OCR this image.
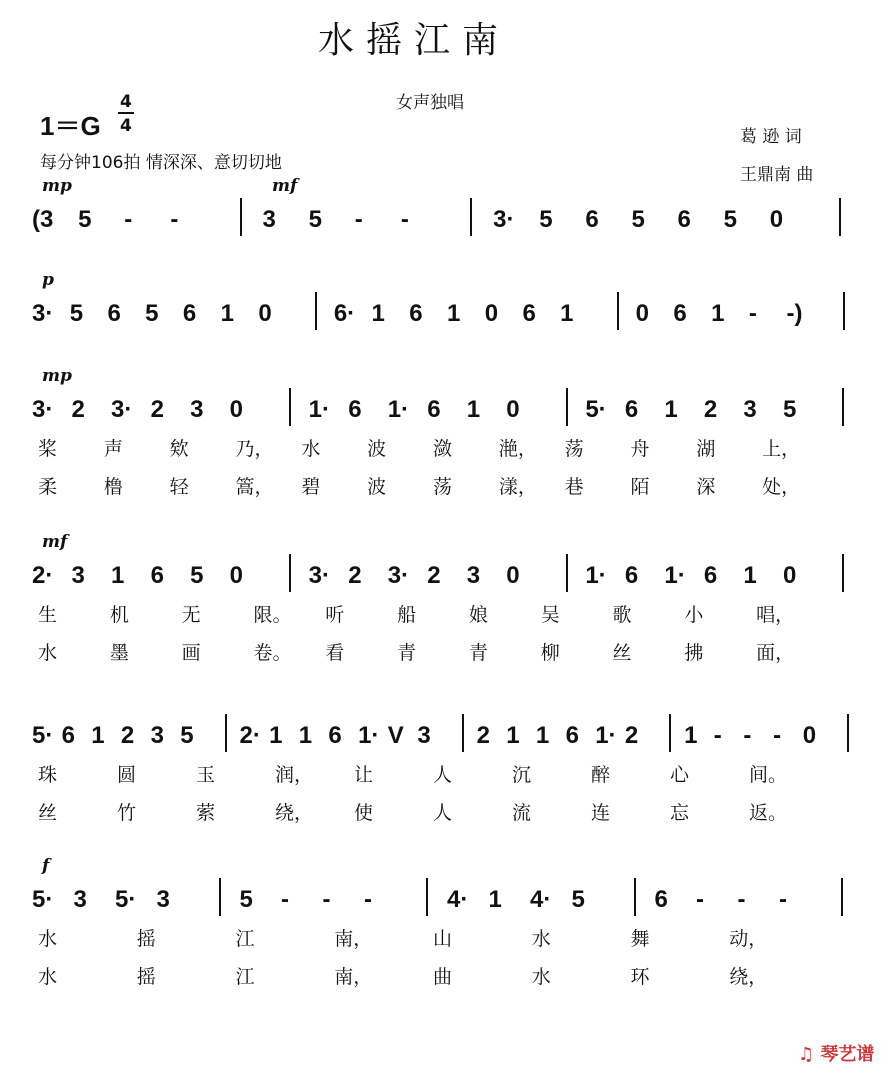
水摇江南
女声独唱
1＝G
4
4
每分钟106拍 情深深、意切切地
葛 逊 词
王鼎南 曲
(3 5 - -	3 5 - -	3· 5 6 5 6 5 0
mp	mf
3· 5 6 5 6 1 0	6· 1 6 1 0 6 1	0 6 1 - -)
p
3· 2 3· 2 3 0	1· 6 1· 6 1 0	5· 6 1 2 3 5
mp
桨 声 欸 乃， 水 波 潋 滟， 荡 舟 湖 上，
柔 橹 轻 篙， 碧 波 荡 漾， 巷 陌 深 处，
2· 3 1 6 5 0	3· 2 3· 2 3 0	1· 6 1· 6 1 0
mf
生	机	无	限。 听	船	娘	吴	歌	小	唱，
水	墨	画	卷。 看	青	青	柳	丝	拂	面，
5· 6 1 2 3 5 2· 1 1 6 1· V 3 2 1 1 6 1· 2 1 - - - 0
珠	圆	玉	润， 让	人	沉	醉	心	间。
丝	竹	萦	绕， 使	人	流	连	忘	返。
5· 3 5· 3	5 - - -	4· 1 4· 5	6 - - -
f
水	摇	江	南，	山	水	舞	动，
水	摇	江	南，	曲	水	环	绕，
♫ 琴艺谱
